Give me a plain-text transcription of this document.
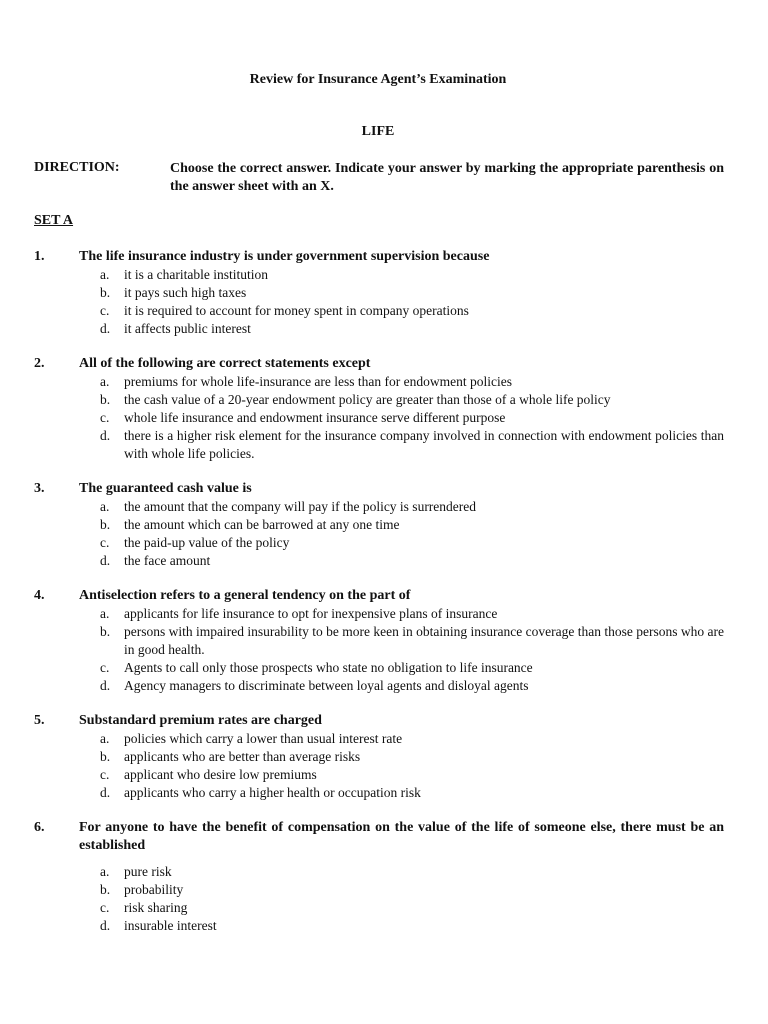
Review for Insurance Agent’s Examination
LIFE
DIRECTION:	Choose the correct answer. Indicate your answer by marking the appropriate parenthesis on the answer sheet with an X.
SET A
1. The life insurance industry is under government supervision because
a. it is a charitable institution
b. it pays such high taxes
c. it is required to account for money spent in company operations
d. it affects public interest
2. All of the following are correct statements except
a. premiums for whole life-insurance are less than for endowment policies
b. the cash value of a 20-year endowment policy are greater than those of a whole life policy
c. whole life insurance and endowment insurance serve different purpose
d. there is a higher risk element for the insurance company involved in connection with endowment policies than with whole life policies.
3. The guaranteed cash value is
a. the amount that the company will pay if the policy is surrendered
b. the amount which can be barrowed at any one time
c. the paid-up value of the policy
d. the face amount
4. Antiselection refers to a general tendency on the part of
a. applicants for life insurance to opt for inexpensive plans of insurance
b. persons with impaired insurability to be more keen in obtaining insurance coverage than those persons who are in good health.
c. Agents to call only those prospects who state no obligation to life insurance
d. Agency managers to discriminate between loyal agents and disloyal agents
5. Substandard premium rates are charged
a. policies which carry a lower than usual interest rate
b. applicants who are better than average risks
c. applicant who desire low premiums
d. applicants who carry a higher health or occupation risk
6. For anyone to have the benefit of compensation on the value of the life of someone else, there must be an established
a. pure risk
b. probability
c. risk sharing
d. insurable interest
